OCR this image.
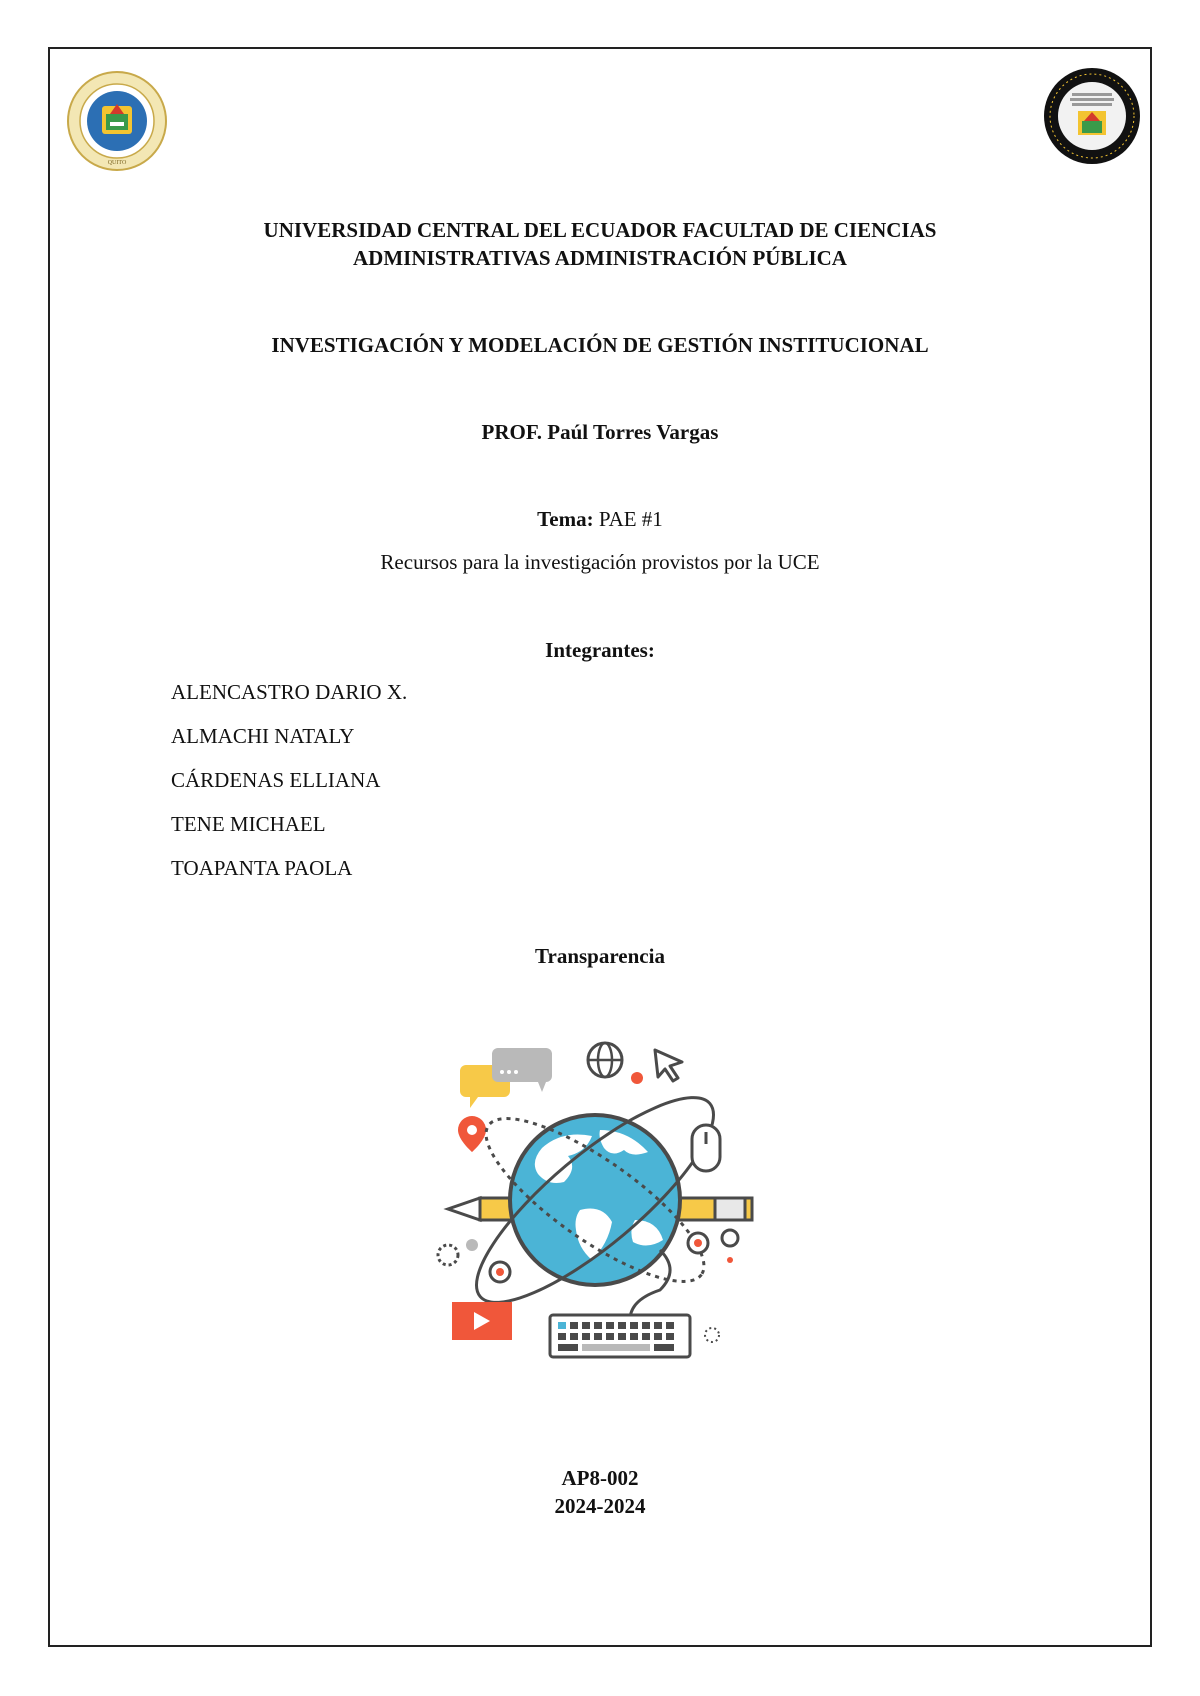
QUITO
UNIVERSIDAD CENTRAL DEL ECUADOR FACULTAD DE CIENCIAS
ADMINISTRATIVAS ADMINISTRACIÓN PÚBLICA
INVESTIGACIÓN Y MODELACIÓN DE GESTIÓN INSTITUCIONAL
PROF. Paúl Torres Vargas
Tema: PAE #1
Recursos para la investigación provistos por la UCE
Integrantes:
ALENCASTRO DARIO X.
ALMACHI NATALY
CÁRDENAS ELLIANA
TENE MICHAEL
TOAPANTA PAOLA
Transparencia
AP8-002
2024-2024
